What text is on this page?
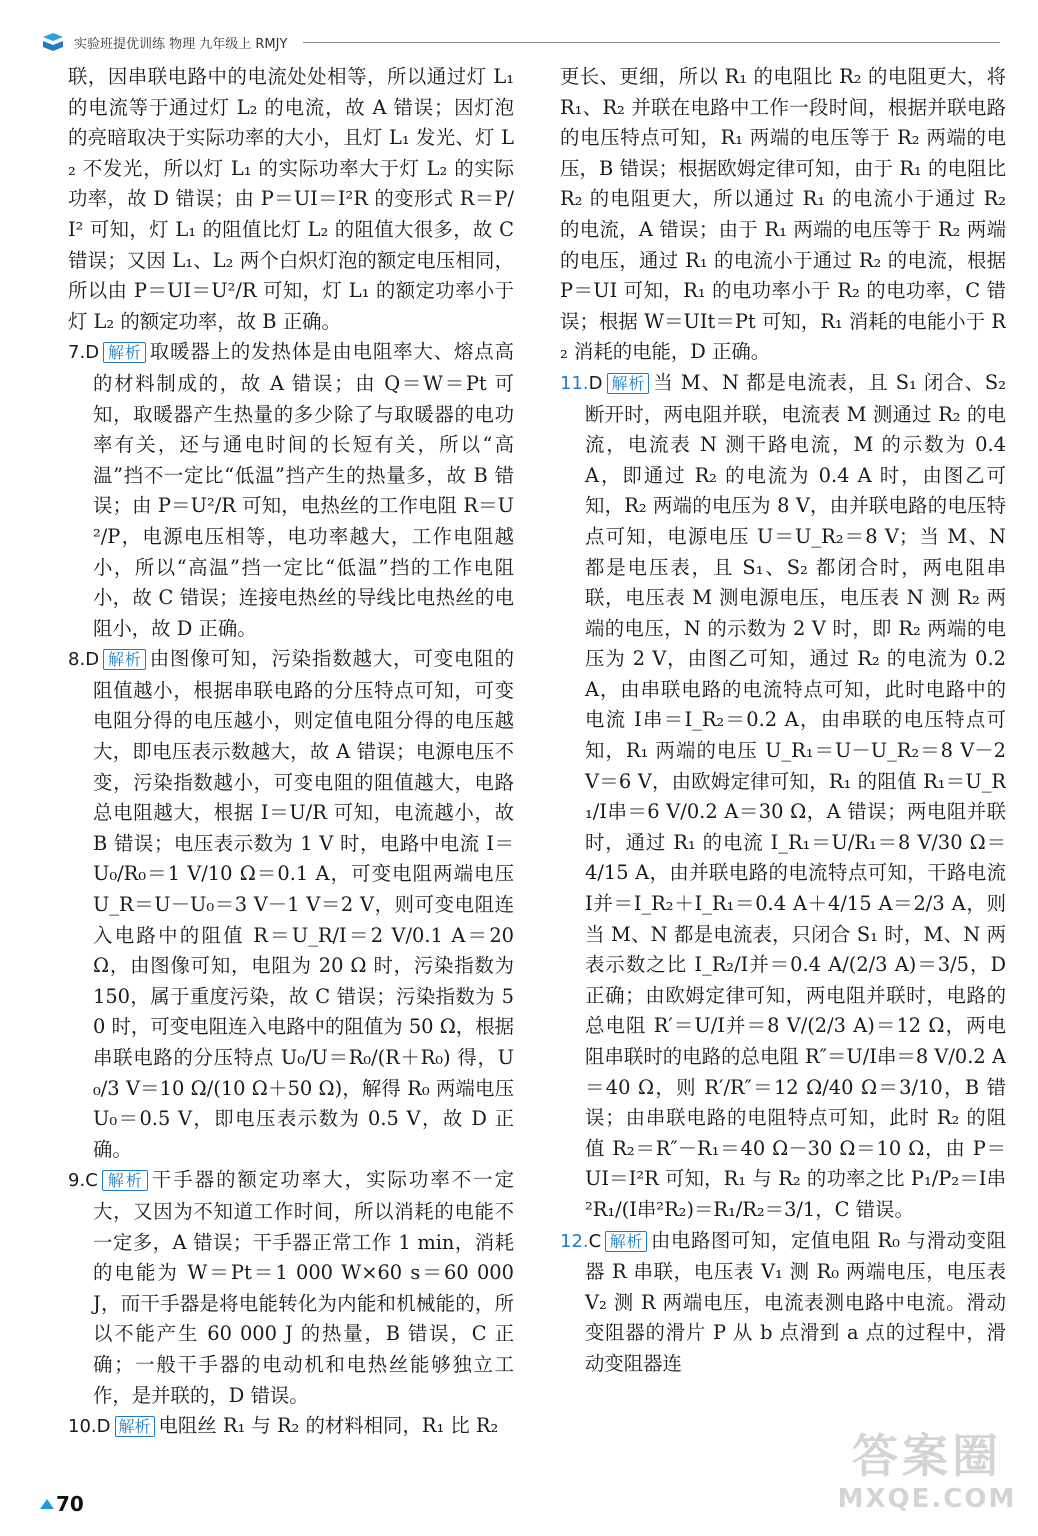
实验班提优训练 物理 九年级上 RMJY

联，因串联电路中的电流处处相等，所以通过灯 L₁ 的电流等于通过灯 L₂ 的电流，故 A 错误；因灯泡的亮暗取决于实际功率的大小，且灯 L₁ 发光、灯 L₂ 不发光，所以灯 L₁ 的实际功率大于灯 L₂ 的实际功率，故 D 错误；由 P＝UI＝I²R 的变形式 R＝P/I² 可知，灯 L₁ 的阻值比灯 L₂ 的阻值大很多，故 C 错误；又因 L₁、L₂ 两个白炽灯泡的额定电压相同，所以由 P＝UI＝U²/R 可知，灯 L₁ 的额定功率小于灯 L₂ 的额定功率，故 B 正确。

7.D 解析 取暖器上的发热体是由电阻率大、熔点高的材料制成的，故 A 错误；由 Q＝W＝Pt 可知，取暖器产生热量的多少除了与取暖器的电功率有关，还与通电时间的长短有关，所以“高温”挡不一定比“低温”挡产生的热量多，故 B 错误；由 P＝U²/R 可知，电热丝的工作电阻 R＝U²/P，电源电压相等，电功率越大，工作电阻越小，所以“高温”挡一定比“低温”挡的工作电阻小，故 C 错误；连接电热丝的导线比电热丝的电阻小，故 D 正确。

8.D 解析 由图像可知，污染指数越大，可变电阻的阻值越小，根据串联电路的分压特点可知，可变电阻分得的电压越小，则定值电阻分得的电压越大，即电压表示数越大，故 A 错误；电源电压不变，污染指数越小，可变电阻的阻值越大，电路总电阻越大，根据 I＝U/R 可知，电流越小，故 B 错误；电压表示数为 1 V 时，电路中电流 I＝U₀/R₀＝1 V/10 Ω＝0.1 A，可变电阻两端电压 U_R＝U－U₀＝3 V－1 V＝2 V，则可变电阻连入电路中的阻值 R＝U_R/I＝2 V/0.1 A＝20 Ω，由图像可知，电阻为 20 Ω 时，污染指数为 150，属于重度污染，故 C 错误；污染指数为 50 时，可变电阻连入电路中的阻值为 50 Ω，根据串联电路的分压特点 U₀/U＝R₀/(R＋R₀) 得，U₀/3 V＝10 Ω/(10 Ω＋50 Ω)，解得 R₀ 两端电压 U₀＝0.5 V，即电压表示数为 0.5 V，故 D 正确。

9.C 解析 干手器的额定功率大，实际功率不一定大，又因为不知道工作时间，所以消耗的电能不一定多，A 错误；干手器正常工作 1 min，消耗的电能为 W＝Pt＝1 000 W×60 s＝60 000 J，而干手器是将电能转化为内能和机械能的，所以不能产生 60 000 J 的热量，B 错误，C 正确；一般干手器的电动机和电热丝能够独立工作，是并联的，D 错误。

10.D 解析 电阻丝 R₁ 与 R₂ 的材料相同，R₁ 比 R₂

更长、更细，所以 R₁ 的电阻比 R₂ 的电阻更大，将 R₁、R₂ 并联在电路中工作一段时间，根据并联电路的电压特点可知，R₁ 两端的电压等于 R₂ 两端的电压，B 错误；根据欧姆定律可知，由于 R₁ 的电阻比 R₂ 的电阻更大，所以通过 R₁ 的电流小于通过 R₂ 的电流，A 错误；由于 R₁ 两端的电压等于 R₂ 两端的电压，通过 R₁ 的电流小于通过 R₂ 的电流，根据 P＝UI 可知，R₁ 的电功率小于 R₂ 的电功率，C 错误；根据 W＝UIt＝Pt 可知，R₁ 消耗的电能小于 R₂ 消耗的电能，D 正确。

11.D 解析 当 M、N 都是电流表，且 S₁ 闭合、S₂ 断开时，两电阻并联，电流表 M 测通过 R₂ 的电流，电流表 N 测干路电流，M 的示数为 0.4 A，即通过 R₂ 的电流为 0.4 A 时，由图乙可知，R₂ 两端的电压为 8 V，由并联电路的电压特点可知，电源电压 U＝U_R₂＝8 V；当 M、N 都是电压表，且 S₁、S₂ 都闭合时，两电阻串联，电压表 M 测电源电压，电压表 N 测 R₂ 两端的电压，N 的示数为 2 V 时，即 R₂ 两端的电压为 2 V，由图乙可知，通过 R₂ 的电流为 0.2 A，由串联电路的电流特点可知，此时电路中的电流 I串＝I_R₂＝0.2 A，由串联的电压特点可知，R₁ 两端的电压 U_R₁＝U－U_R₂＝8 V－2 V＝6 V，由欧姆定律可知，R₁ 的阻值 R₁＝U_R₁/I串＝6 V/0.2 A＝30 Ω，A 错误；两电阻并联时，通过 R₁ 的电流 I_R₁＝U/R₁＝8 V/30 Ω＝4/15 A，由并联电路的电流特点可知，干路电流 I并＝I_R₂＋I_R₁＝0.4 A＋4/15 A＝2/3 A，则当 M、N 都是电流表，只闭合 S₁ 时，M、N 两表示数之比 I_R₂/I并＝0.4 A/(2/3 A)＝3/5，D 正确；由欧姆定律可知，两电阻并联时，电路的总电阻 R′＝U/I并＝8 V/(2/3 A)＝12 Ω，两电阻串联时的电路的总电阻 R″＝U/I串＝8 V/0.2 A＝40 Ω，则 R′/R″＝12 Ω/40 Ω＝3/10，B 错误；由串联电路的电阻特点可知，此时 R₂ 的阻值 R₂＝R″－R₁＝40 Ω－30 Ω＝10 Ω，由 P＝UI＝I²R 可知，R₁ 与 R₂ 的功率之比 P₁/P₂＝I串²R₁/(I串²R₂)＝R₁/R₂＝3/1，C 错误。

12.C 解析 由电路图可知，定值电阻 R₀ 与滑动变阻器 R 串联，电压表 V₁ 测 R₀ 两端电压，电压表 V₂ 测 R 两端电压，电流表测电路中电流。滑动变阻器的滑片 P 从 b 点滑到 a 点的过程中，滑动变阻器连

70
答案圈
MXQE.COM
